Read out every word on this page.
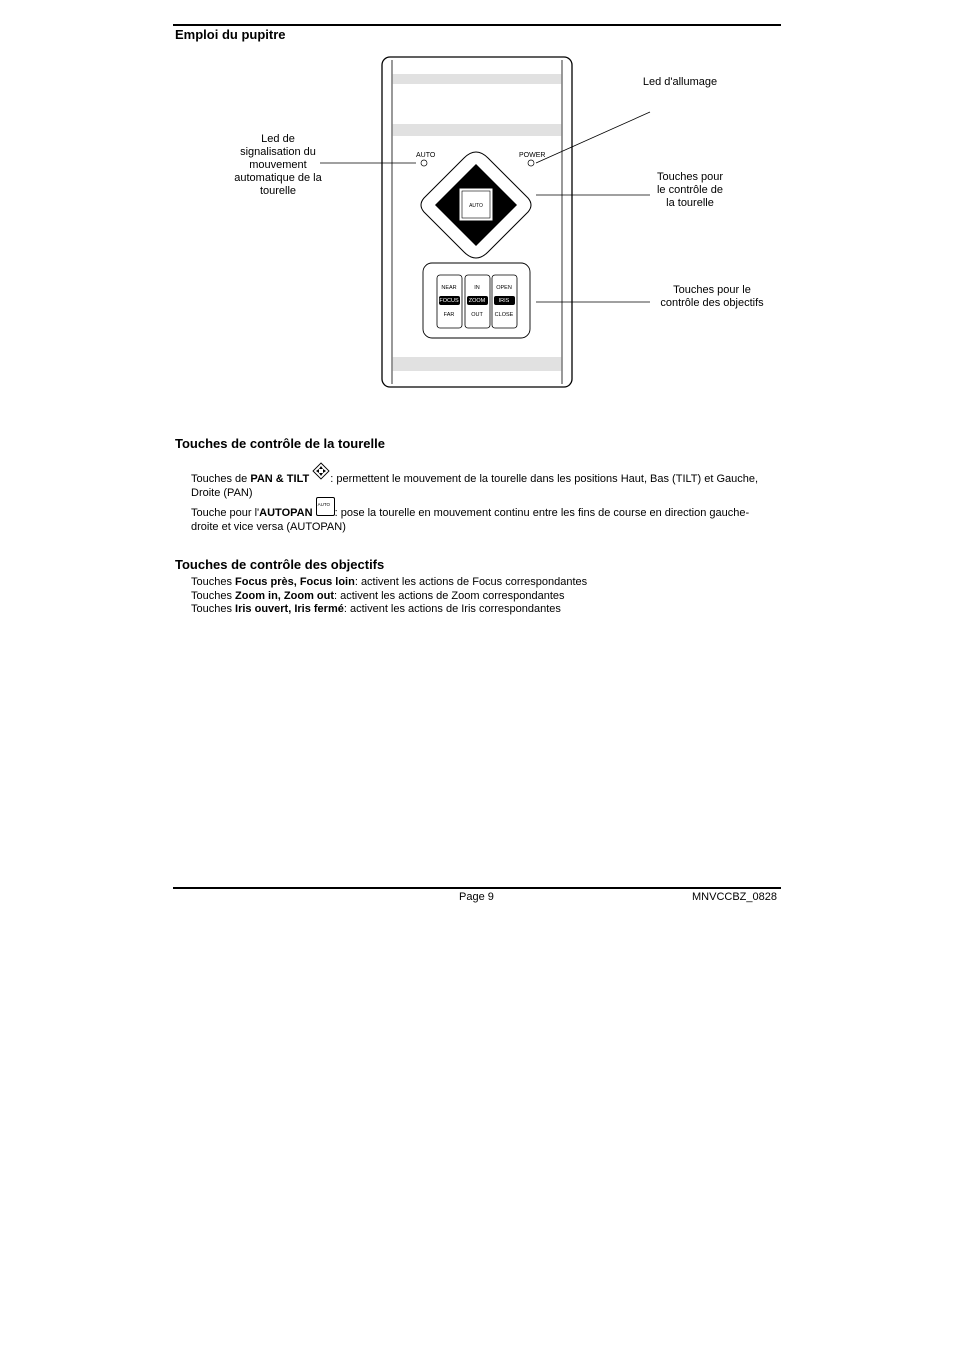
Emploi du pupitre
AUTO	POWER
AUTO
NEAR
FOCUS
FAR
IN
ZOOM
OUT
OPEN
IRIS
CLOSE
Led d'allumage
Led de
signalisation du
mouvement
automatique de la
tourelle
Touches pour
le contrôle de
la tourelle
Touches pour le
contrôle des objectifs
Touches de contrôle de la tourelle
Touches de PAN & TILT : permettent le mouvement de la tourelle dans les positions Haut, Bas (TILT) et Gauche,
Droite (PAN)
Touche pour l'AUTOPAN
AUTO
: pose la tourelle en mouvement continu entre les fins de course en direction gauche-
droite et vice versa (AUTOPAN)
Touches de contrôle des objectifs
Touches Focus près, Focus loin: activent les actions de Focus correspondantes
Touches Zoom in, Zoom out: activent les actions de Zoom correspondantes
Touches Iris ouvert, Iris fermé: activent les actions de Iris correspondantes
Page 9	MNVCCBZ_0828
